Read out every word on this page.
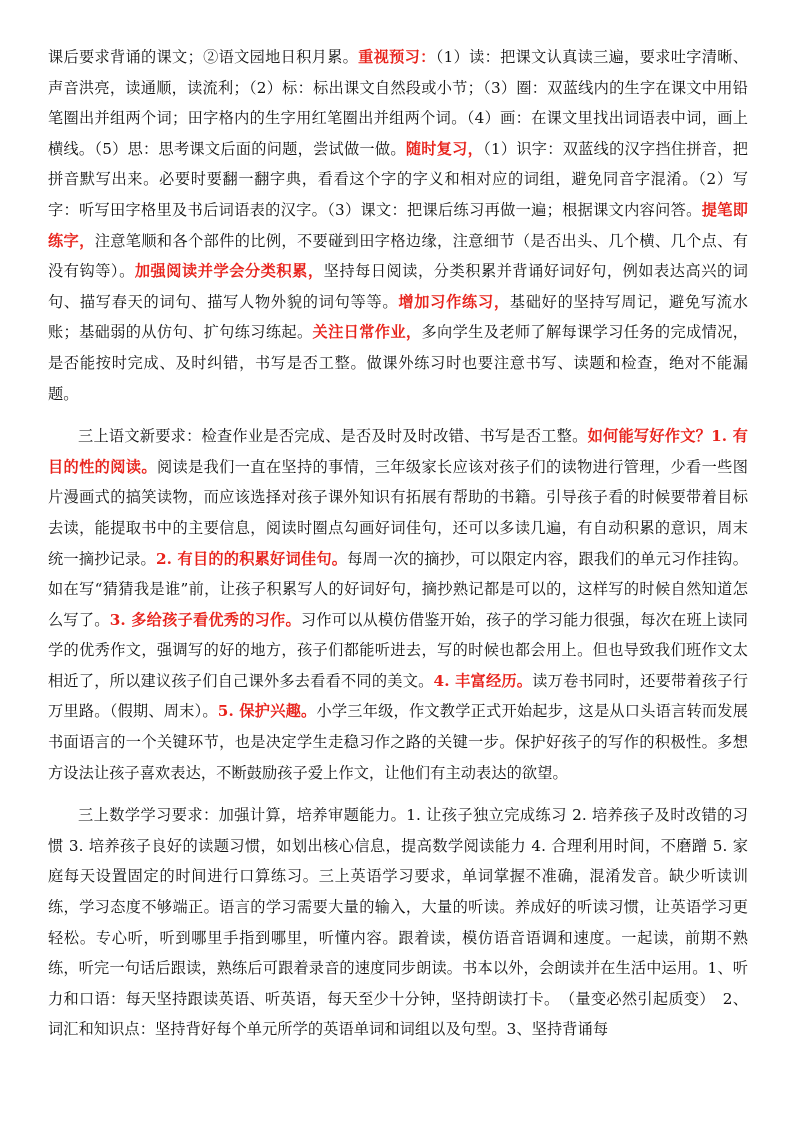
课后要求背诵的课文；②语文园地日积月累。重视预习：（1）读：把课文认真读三遍，要求吐字清晰、声音洪亮，读通顺，读流利；（2）标：标出课文自然段或小节；（3）圈：双蓝线内的生字在课文中用铅笔圈出并组两个词；田字格内的生字用红笔圈出并组两个词。（4）画：在课文里找出词语表中词，画上横线。（5）思：思考课文后面的问题，尝试做一做。随时复习，（1）识字：双蓝线的汉字挡住拼音，把拼音默写出来。必要时要翻一翻字典，看看这个字的字义和相对应的词组，避免同音字混淆。（2）写字：听写田字格里及书后词语表的汉字。（3）课文：把课后练习再做一遍；根据课文内容问答。提笔即练字，注意笔顺和各个部件的比例，不要碰到田字格边缘，注意细节（是否出头、几个横、几个点、有没有钩等）。加强阅读并学会分类积累，坚持每日阅读，分类积累并背诵好词好句，例如表达高兴的词句、描写春天的词句、描写人物外貌的词句等等。增加习作练习，基础好的坚持写周记，避免写流水账；基础弱的从仿句、扩句练习练起。关注日常作业，多向学生及老师了解每课学习任务的完成情况，是否能按时完成、及时纠错，书写是否工整。做课外练习时也要注意书写、读题和检查，绝对不能漏题。

三上语文新要求：检查作业是否完成、是否及时及时改错、书写是否工整。如何能写好作文？1. 有目的性的阅读。阅读是我们一直在坚持的事情，三年级家长应该对孩子们的读物进行管理，少看一些图片漫画式的搞笑读物，而应该选择对孩子课外知识有拓展有帮助的书籍。引导孩子看的时候要带着目标去读，能提取书中的主要信息，阅读时圈点勾画好词佳句，还可以多读几遍，有自动积累的意识，周末统一摘抄记录。2. 有目的的积累好词佳句。每周一次的摘抄，可以限定内容，跟我们的单元习作挂钩。如在写“猜猜我是谁”前，让孩子积累写人的好词好句，摘抄熟记都是可以的，这样写的时候自然知道怎么写了。3. 多给孩子看优秀的习作。习作可以从模仿借鉴开始，孩子的学习能力很强，每次在班上读同学的优秀作文，强调写的好的地方，孩子们都能听进去，写的时候也都会用上。但也导致我们班作文太相近了，所以建议孩子们自己课外多去看看不同的美文。4. 丰富经历。读万卷书同时，还要带着孩子行万里路。（假期、周末）。5. 保护兴趣。小学三年级，作文教学正式开始起步，这是从口头语言转而发展书面语言的一个关键环节，也是决定学生走稳习作之路的关键一步。保护好孩子的写作的积极性。多想方设法让孩子喜欢表达，不断鼓励孩子爱上作文，让他们有主动表达的欲望。

三上数学学习要求：加强计算，培养审题能力。1. 让孩子独立完成练习 2. 培养孩子及时改错的习惯 3. 培养孩子良好的读题习惯，如划出核心信息，提高数学阅读能力 4. 合理利用时间，不磨蹭 5. 家庭每天设置固定的时间进行口算练习。三上英语学习要求，单词掌握不准确，混淆发音。缺少听读训练，学习态度不够端正。语言的学习需要大量的输入，大量的听读。养成好的听读习惯，让英语学习更轻松。专心听，听到哪里手指到哪里，听懂内容。跟着读，模仿语音语调和速度。一起读，前期不熟练，听完一句话后跟读，熟练后可跟着录音的速度同步朗读。书本以外，会朗读并在生活中运用。1、听力和口语：每天坚持跟读英语、听英语，每天至少十分钟，坚持朗读打卡。　（量变必然引起质变）　2、词汇和知识点：坚持背好每个单元所学的英语单词和词组以及句型。3、坚持背诵每
